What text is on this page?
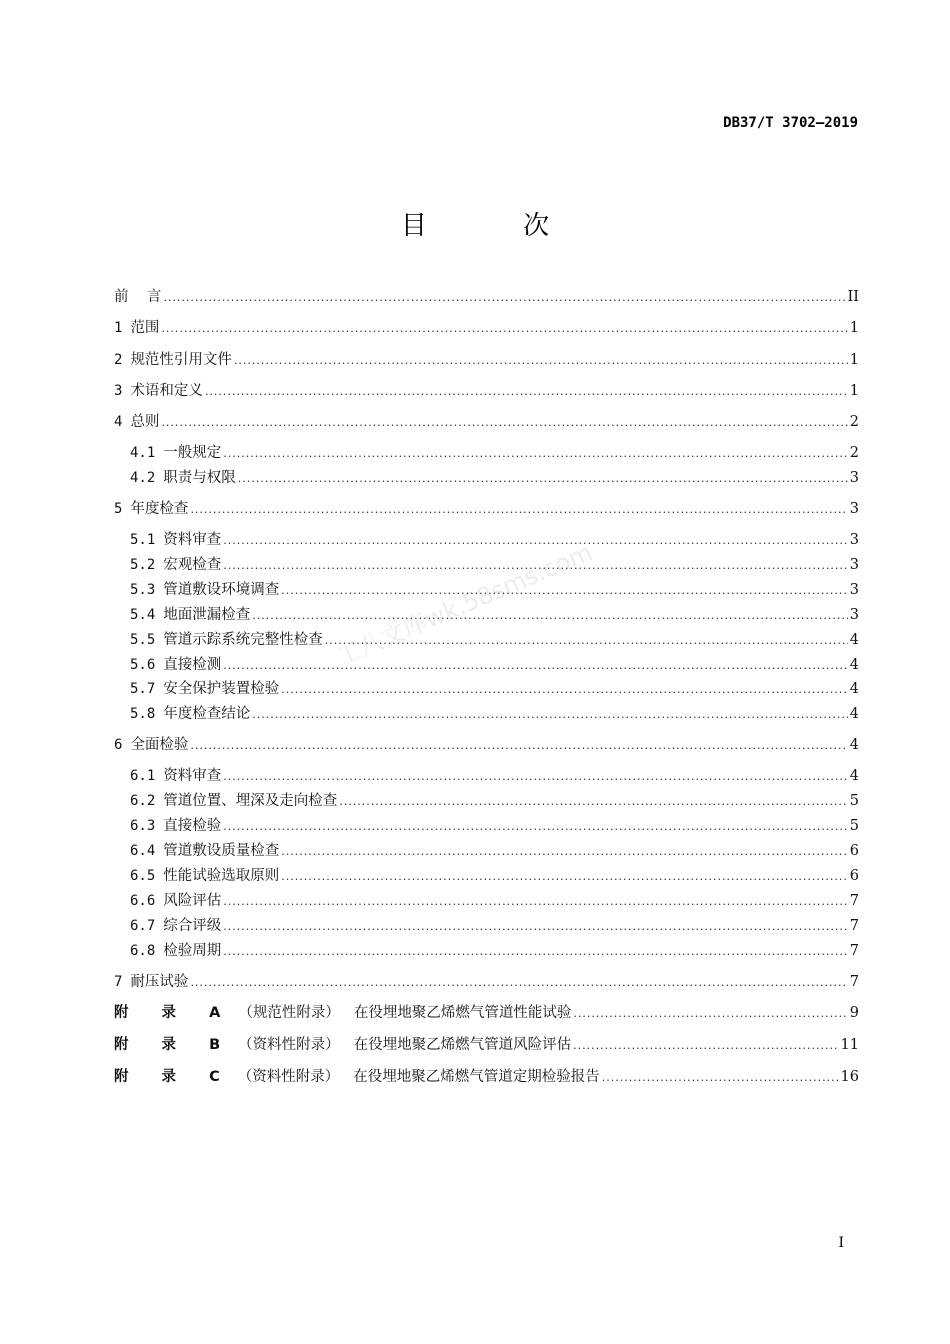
DB37/T 3702—2019
目 次
前    言 .....	II
1 范围 .....	1
2 规范性引用文件 .....	1
3 术语和定义 .....	1
4 总则 .....	2
4.1 一般规定 .....	2
4.2 职责与权限 .....	3
5 年度检查 .....	3
5.1 资料审查 .....	3
5.2 宏观检查 .....	3
5.3 管道敷设环境调查 .....	3
5.4 地面泄漏检查 .....	3
5.5 管道示踪系统完整性检查 .....	4
5.6 直接检测 .....	4
5.7 安全保护装置检验 .....	4
5.8 年度检查结论 .....	4
6 全面检验 .....	4
6.1 资料审查 .....	4
6.2 管道位置、埋深及走向检查 .....	5
6.3 直接检验 .....	5
6.4 管道敷设质量检查 .....	6
6.5 性能试验选取原则 .....	6
6.6 风险评估 .....	7
6.7 综合评级 .....	7
6.8 检验周期 .....	7
7 耐压试验 .....	7
附 录 A （规范性附录） 在役埋地聚乙烯燃气管道性能试验 .....	9
附 录 B （资料性附录） 在役埋地聚乙烯燃气管道风险评估 .....	11
附 录 C （资料性附录） 在役埋地聚乙烯燃气管道定期检验报告 .....	16
工八文库wk.58sms.com
I
